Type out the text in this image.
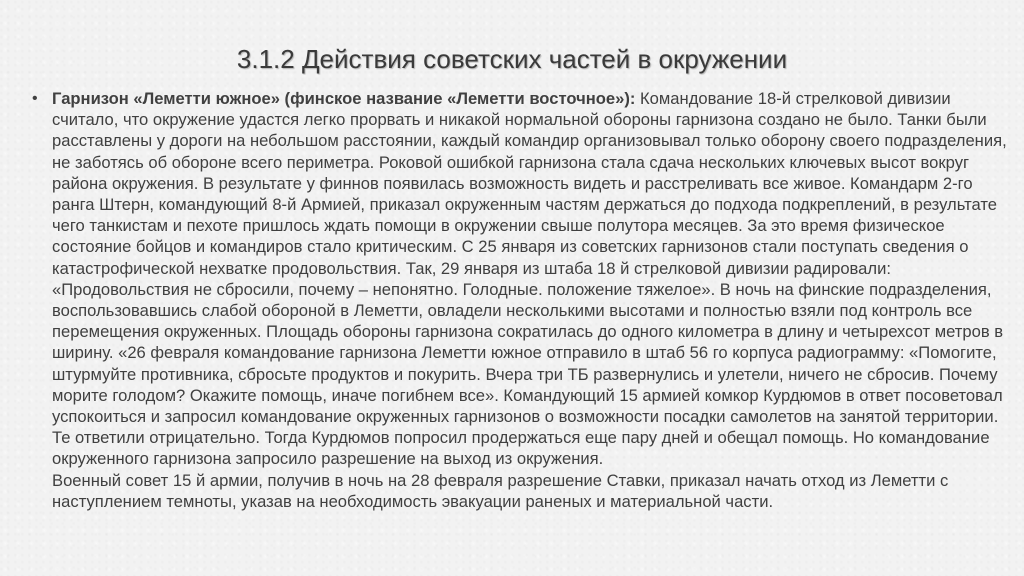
3.1.2 Действия советских частей в окружении
• Гарнизон «Леметти южное» (финское название «Леметти восточное»): Командование 18-й стрелковой дивизии считало, что окружение удастся легко прорвать и никакой нормальной обороны гарнизона создано не было. Танки были расставлены у дороги на небольшом расстоянии, каждый командир организовывал только оборону своего подразделения, не заботясь об обороне всего периметра. Роковой ошибкой гарнизона стала сдача нескольких ключевых высот вокруг района окружения. В результате у финнов появилась возможность видеть и расстреливать все живое. Командарм 2-го ранга Штерн, командующий 8-й Армией, приказал окруженным частям держаться до подхода подкреплений, в результате чего танкистам и пехоте пришлось ждать помощи в окружении свыше полутора месяцев. За это время физическое состояние бойцов и командиров стало критическим. С 25 января из советских гарнизонов стали поступать сведения о катастрофической нехватке продовольствия. Так, 29 января из штаба 18 й стрелковой дивизии радировали: «Продовольствия не сбросили, почему – непонятно. Голодные. положение тяжелое». В ночь на финские подразделения, воспользовавшись слабой обороной в Леметти, овладели несколькими высотами и полностью взяли под контроль все перемещения окруженных. Площадь обороны гарнизона сократилась до одного километра в длину и четырехсот метров в ширину. «26 февраля командование гарнизона Леметти южное отправило в штаб 56 го корпуса радиограмму: «Помогите, штурмуйте противника, сбросьте продуктов и покурить. Вчера три ТБ развернулись и улетели, ничего не сбросив. Почему морите голодом? Окажите помощь, иначе погибнем все». Командующий 15 армией комкор Курдюмов в ответ посоветовал успокоиться и запросил командование окруженных гарнизонов о возможности посадки самолетов на занятой территории. Те ответили отрицательно. Тогда Курдюмов попросил продержаться еще пару дней и обещал помощь. Но командование окруженного гарнизона запросило разрешение на выход из окружения.
Военный совет 15 й армии, получив в ночь на 28 февраля разрешение Ставки, приказал начать отход из Леметти с наступлением темноты, указав на необходимость эвакуации раненых и материальной части.
